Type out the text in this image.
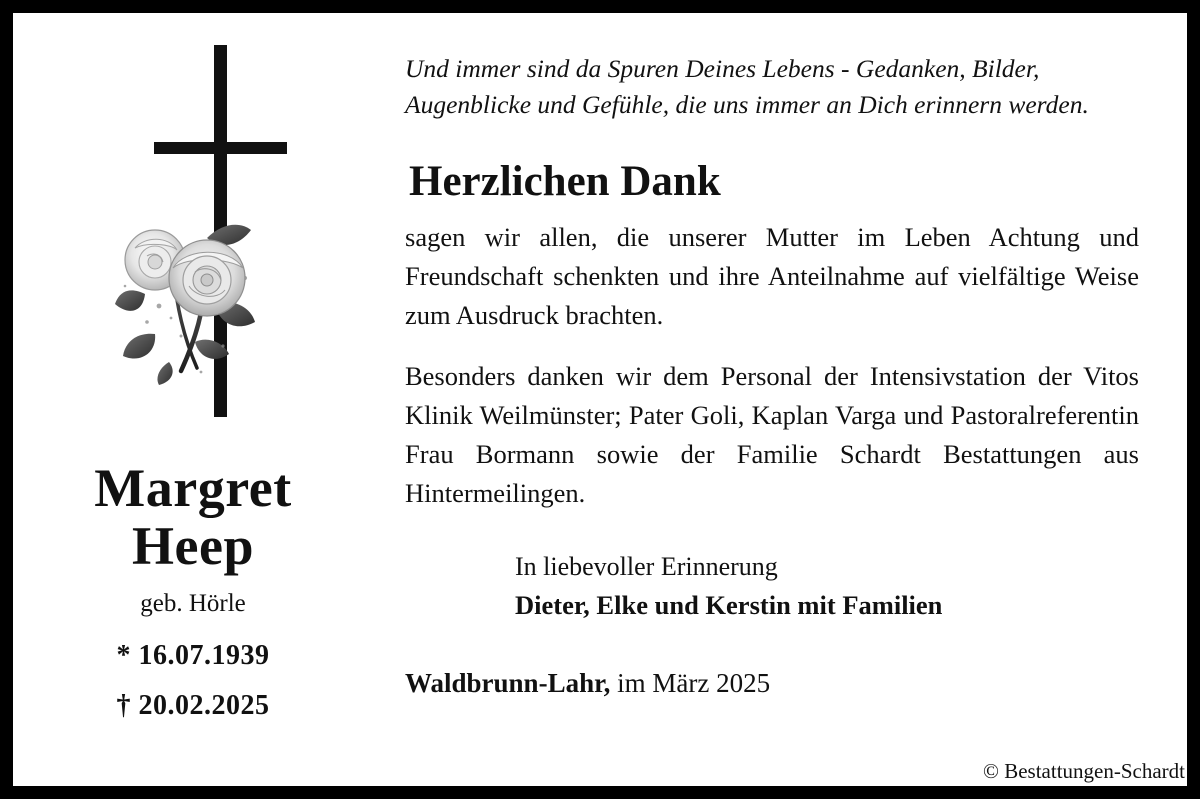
Margret
Heep
geb. Hörle
* 16.07.1939
† 20.02.2025

Und immer sind da Spuren Deines Lebens - Gedanken, Bilder, Augenblicke und Gefühle, die uns immer an Dich erinnern werden.

Herzlichen Dank

sagen wir allen, die unserer Mutter im Leben Achtung und Freundschaft schenkten und ihre Anteilnahme auf vielfältige Weise zum Ausdruck brachten.

Besonders danken wir dem Personal der Intensivstation der Vitos Klinik Weilmünster; Pater Goli, Kaplan Varga und Pastoralreferentin Frau Bormann sowie der Familie Schardt Bestattungen aus Hintermeilingen.

In liebevoller Erinnerung
Dieter, Elke und Kerstin mit Familien
Waldbrunn-Lahr, im März 2025
© Bestattungen-Schardt
